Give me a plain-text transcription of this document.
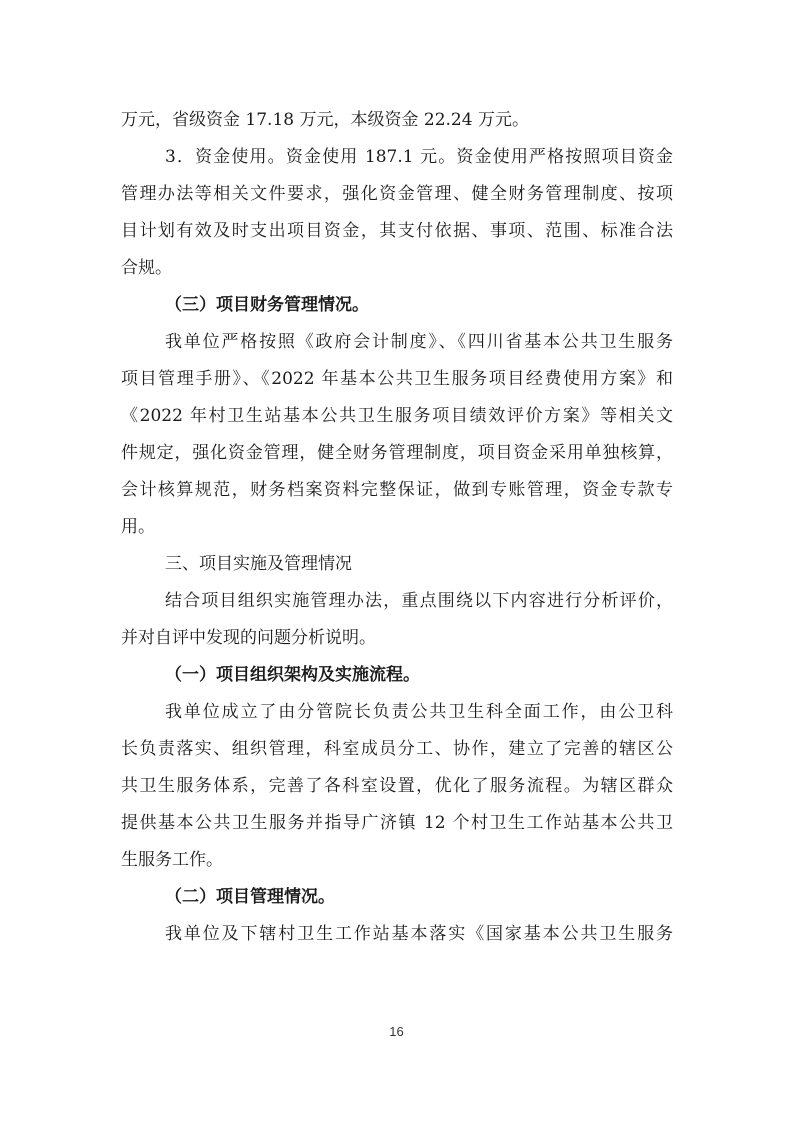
万元，省级资金 17.18 万元，本级资金 22.24 万元。
3．资金使用。资金使用 187.1 元。资金使用严格按照项目资金
管理办法等相关文件要求，强化资金管理、健全财务管理制度、按项
目计划有效及时支出项目资金，其支付依据、事项、范围、标准合法
合规。
（三）项目财务管理情况。
我单位严格按照《政府会计制度》、《四川省基本公共卫生服务
项目管理手册》、《2022 年基本公共卫生服务项目经费使用方案》和
《2022 年村卫生站基本公共卫生服务项目绩效评价方案》等相关文
件规定，强化资金管理，健全财务管理制度，项目资金采用单独核算，
会计核算规范，财务档案资料完整保证，做到专账管理，资金专款专
用。
三、项目实施及管理情况
结合项目组织实施管理办法，重点围绕以下内容进行分析评价，
并对自评中发现的问题分析说明。
（一）项目组织架构及实施流程。
我单位成立了由分管院长负责公共卫生科全面工作，由公卫科
长负责落实、组织管理，科室成员分工、协作，建立了完善的辖区公
共卫生服务体系，完善了各科室设置，优化了服务流程。为辖区群众
提供基本公共卫生服务并指导广济镇 12 个村卫生工作站基本公共卫
生服务工作。
（二）项目管理情况。
我单位及下辖村卫生工作站基本落实《国家基本公共卫生服务
16
